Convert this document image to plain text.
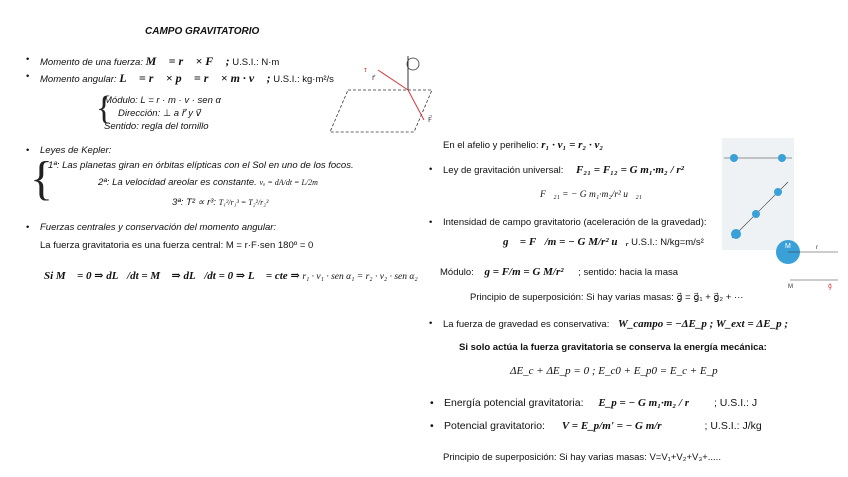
CAMPO GRAVITATORIO
• Momento de una fuerza: M⃗ = r⃗ × F⃗ ; U.S.I.: N·m
• Momento angular: L⃗ = r⃗ × p⃗ = r⃗ × m · v⃗ ; U.S.I.: kg·m²/s
{
Módulo: L = r · m · v · sen α
Dirección: ⊥ a r⃗ y v⃗
Sentido: regla del tornillo
• Leyes de Kepler:
{
1ª: Las planetas giran en órbitas elípticas con el Sol en uno de los focos.
2ª: La velocidad areolar es constante. vₐ = dA/dt = L/2m
3ª: T² ∝ r³: T₁²/r₁³ = T₂²/r₂³
• Fuerzas centrales y conservación del momento angular:
La fuerza gravitatoria es una fuerza central: M = r·F·sen 180º = 0
Si M⃗ = 0 ⇒ dL⃗/dt = M⃗ ⇒ dL⃗/dt = 0 ⇒ L⃗ = cte ⇒ r₁ · v₁ · sen α₁ = r₂ · v₂ · sen α₂
τ
r⃗
F⃗
En el afelio y perihelio: r₁ · v₁ = r₂ · v₂
• Ley de gravitación universal: F₂₁ = F₁₂ = G m₁·m₂ / r²
F⃗₂₁ = − G m₁·m₂/r² u⃗₂₁
• Intensidad de campo gravitatorio (aceleración de la gravedad):
g⃗ = F⃗/m = − G M/r² u⃗ᵣ U.S.I.: N/kg=m/s²
Módulo: g = F/m = G M/r² ; sentido: hacia la masa
Principio de superposición: Si hay varias masas: g⃗ = g⃗₁ + g⃗₂ + ···
• La fuerza de gravedad es conservativa: W_campo = −ΔE_p ; W_ext = ΔE_p ;
Si solo actúa la fuerza gravitatoria se conserva la energía mecánica:
ΔE_c + ΔE_p = 0 ; E_c0 + E_p0 = E_c + E_p
• Energía potencial gravitatoria: E_p = − G m₁·m₂ / r ; U.S.I.: J
• Potencial gravitatorio: V = E_p/m' = − G m/r	; U.S.I.: J/kg
Principio de superposición: Si hay varias masas: V=V₁+V₂+V₃+.....
M	r
M	g⃗
